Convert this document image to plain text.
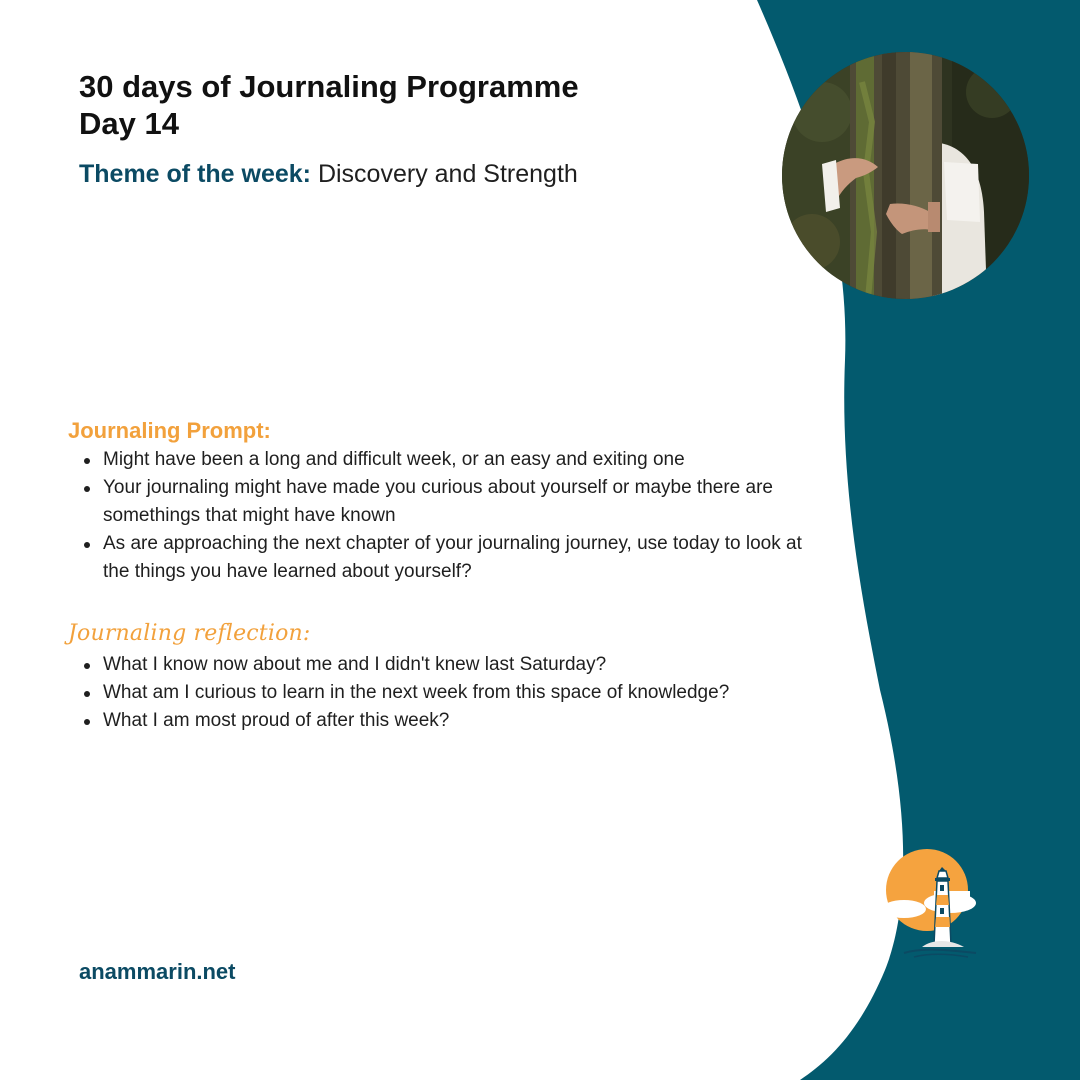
30 days of Journaling Programme
Day 14

Theme of the week: Discovery and Strength

Journaling Prompt:
Might have been a long and difficult week, or an easy and exiting one
Your journaling might have made you curious about yourself or maybe there are somethings that might have known
As are approaching the next chapter of your journaling journey, use today to look at the things you have learned about yourself?
Journaling reflection:
What I know now about me and I didn't knew last Saturday?
What am I curious to learn in the next week from this space of knowledge?
What I am most proud of after this week?

anammarin.net
